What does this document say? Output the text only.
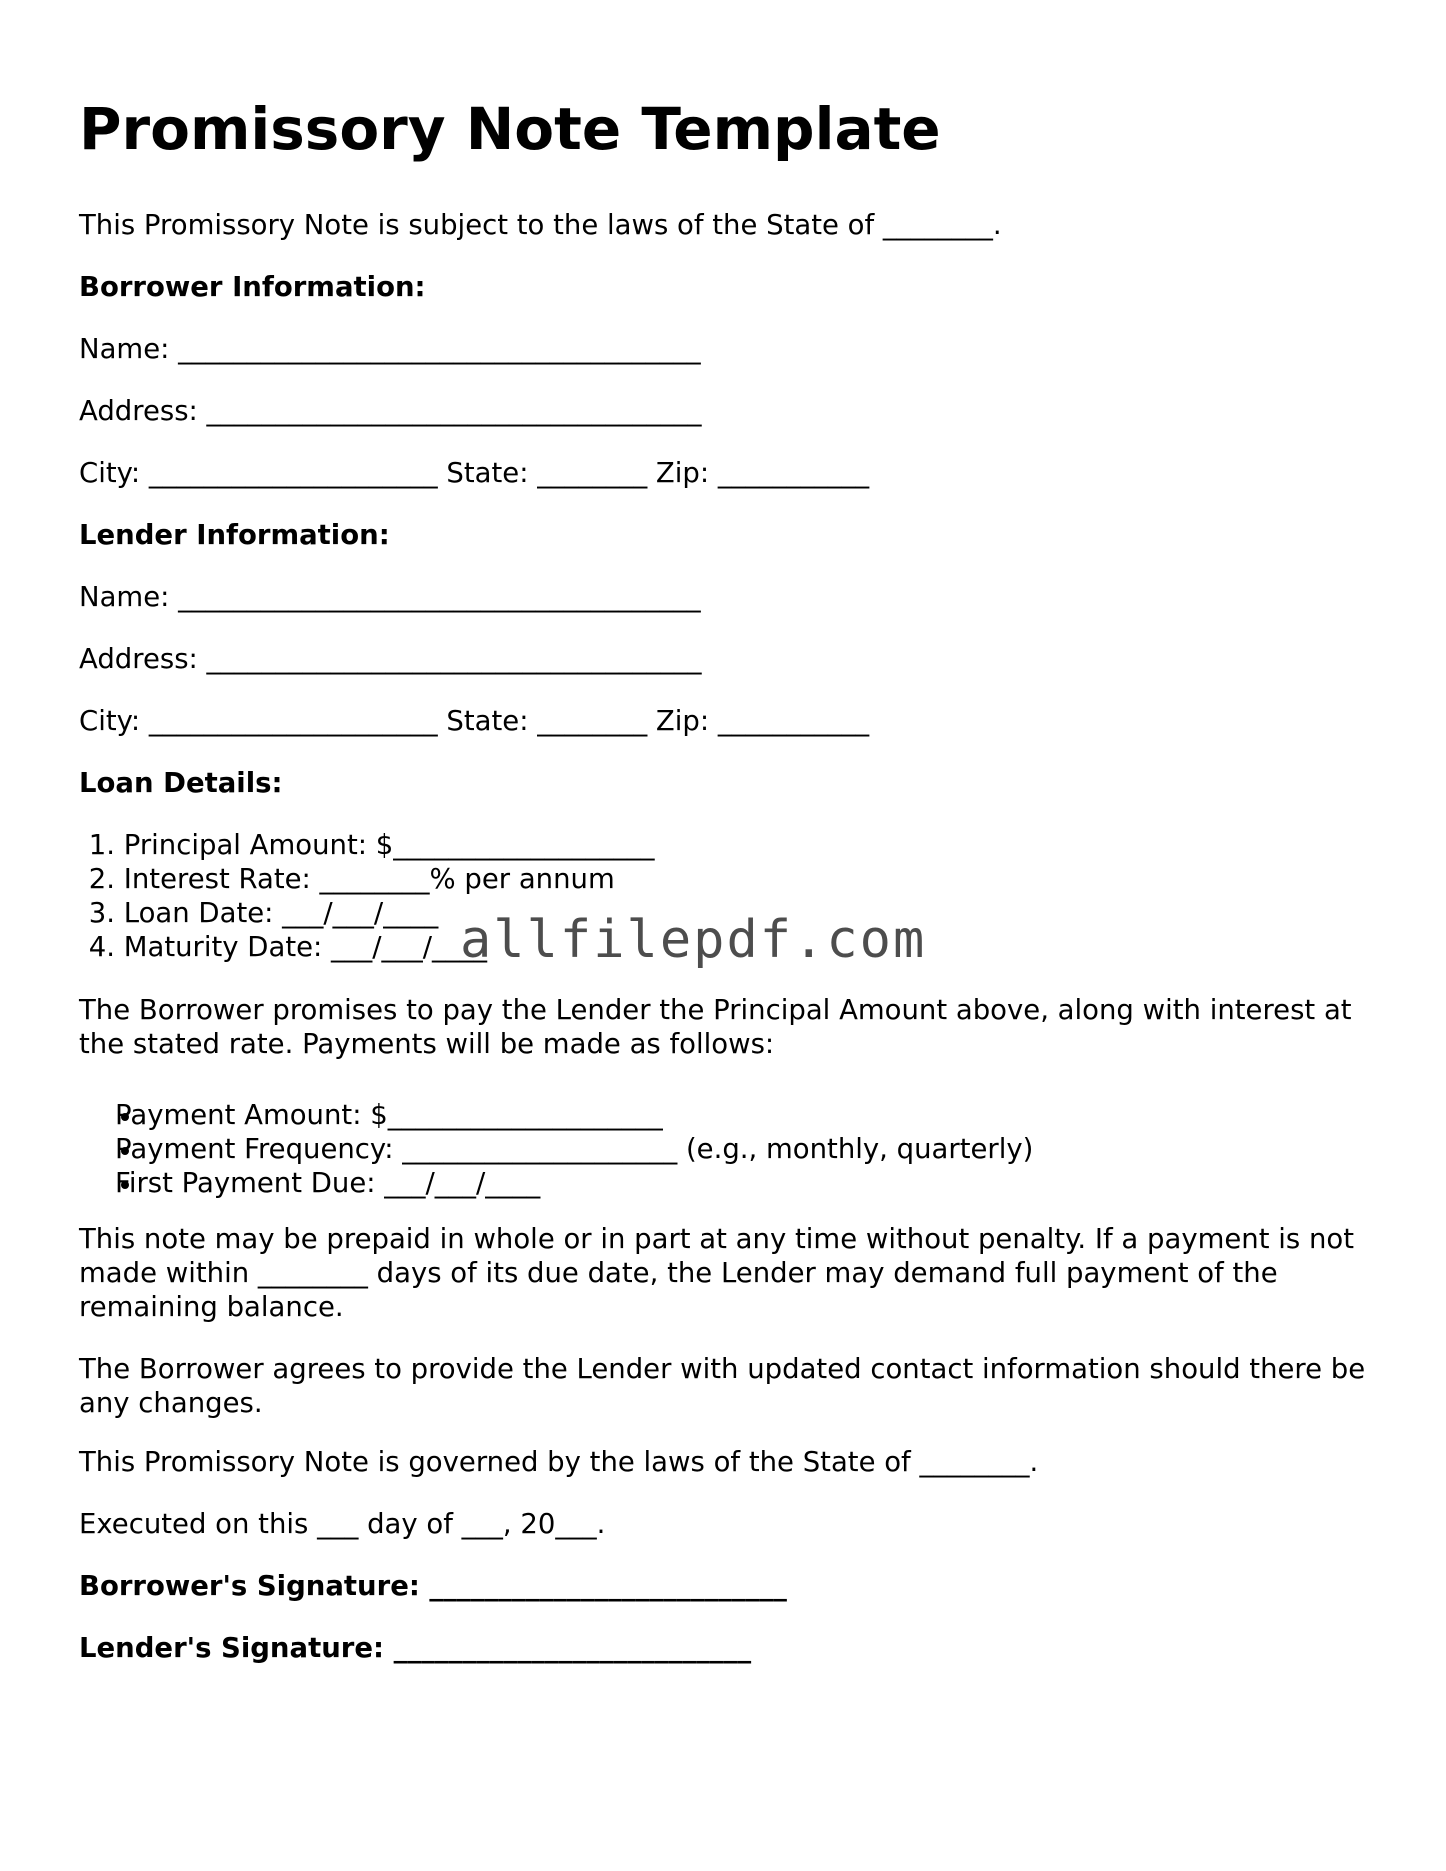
Promissory Note Template

This Promissory Note is subject to the laws of the State of ________.

Borrower Information:

Name: ______________________________________

Address: ____________________________________

City: _____________________ State: ________ Zip: ___________

Lender Information:

Name: ______________________________________

Address: ____________________________________

City: _____________________ State: ________ Zip: ___________

Loan Details:

1. Principal Amount: $___________________

2. Interest Rate: ________% per annum

3. Loan Date: ___/___/____

4. Maturity Date: ___/___/____

The Borrower promises to pay the Lender the Principal Amount above, along with interest at the stated rate. Payments will be made as follows:

Payment Amount: $____________________

Payment Frequency: ____________________ (e.g., monthly, quarterly)

First Payment Due: ___/___/____

This note may be prepaid in whole or in part at any time without penalty. If a payment is not made within ________ days of its due date, the Lender may demand full payment of the remaining balance.

The Borrower agrees to provide the Lender with updated contact information should there be any changes.

This Promissory Note is governed by the laws of the State of ________.

Executed on this ___ day of ___, 20___.

Borrower's Signature: __________________________

Lender's Signature: __________________________

allfilepdf.com
